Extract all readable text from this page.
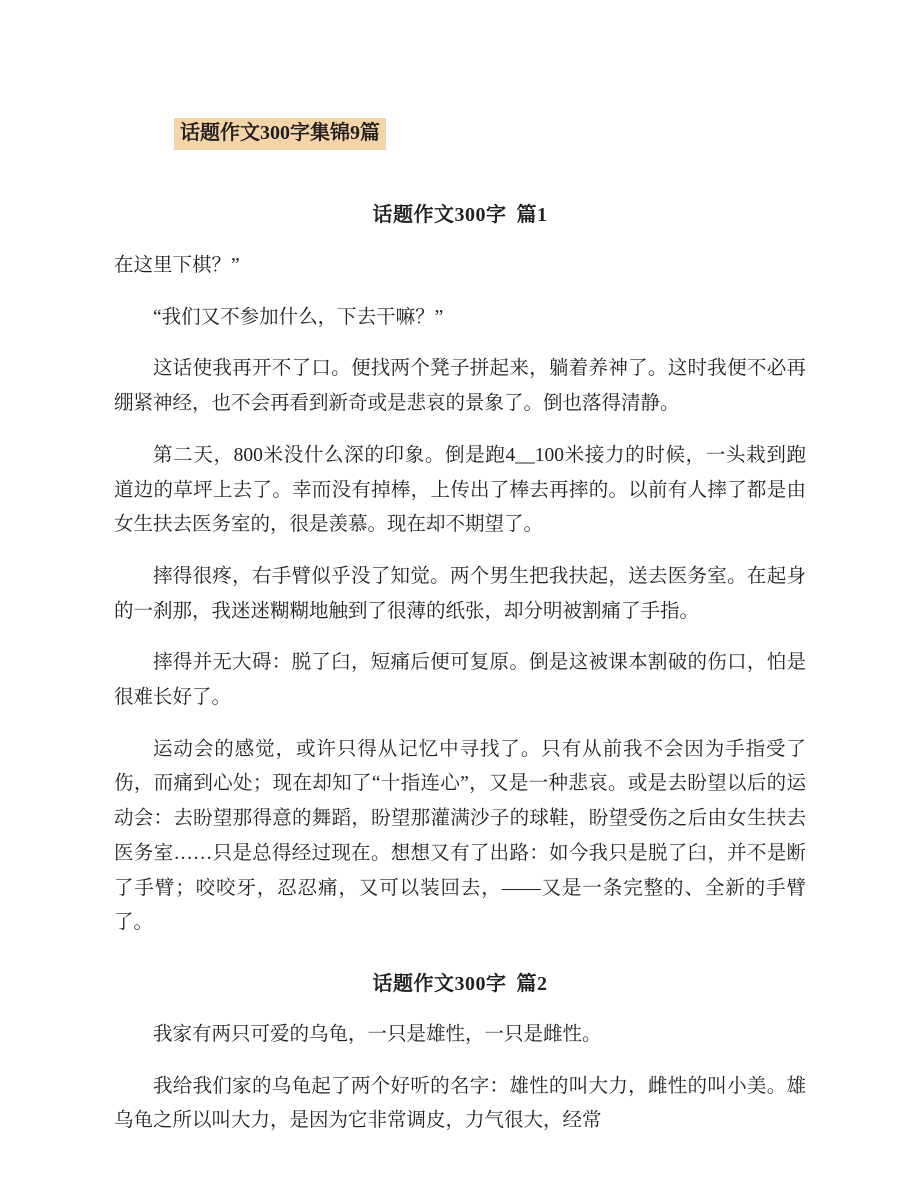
话题作文300字集锦9篇
话题作文300字 篇1

在这里下棋？”

“我们又不参加什么，下去干嘛？”

这话使我再开不了口。便找两个凳子拼起来，躺着养神了。这时我便不必再绷紧神经，也不会再看到新奇或是悲哀的景象了。倒也落得清静。

第二天，800米没什么深的印象。倒是跑4__100米接力的时候，一头栽到跑道边的草坪上去了。幸而没有掉棒，上传出了棒去再摔的。以前有人摔了都是由女生扶去医务室的，很是羡慕。现在却不期望了。

摔得很疼，右手臂似乎没了知觉。两个男生把我扶起，送去医务室。在起身的一刹那，我迷迷糊糊地触到了很薄的纸张，却分明被割痛了手指。

摔得并无大碍：脱了臼，短痛后便可复原。倒是这被课本割破的伤口，怕是很难长好了。

运动会的感觉，或许只得从记忆中寻找了。只有从前我不会因为手指受了伤，而痛到心处；现在却知了“十指连心”，又是一种悲哀。或是去盼望以后的运动会：去盼望那得意的舞蹈，盼望那灌满沙子的球鞋，盼望受伤之后由女生扶去医务室……只是总得经过现在。想想又有了出路：如今我只是脱了臼，并不是断了手臂；咬咬牙，忍忍痛，又可以装回去，——又是一条完整的、全新的手臂了。

话题作文300字 篇2

我家有两只可爱的乌龟，一只是雄性，一只是雌性。

我给我们家的乌龟起了两个好听的名字：雄性的叫大力，雌性的叫小美。雄乌龟之所以叫大力，是因为它非常调皮，力气很大，经常
